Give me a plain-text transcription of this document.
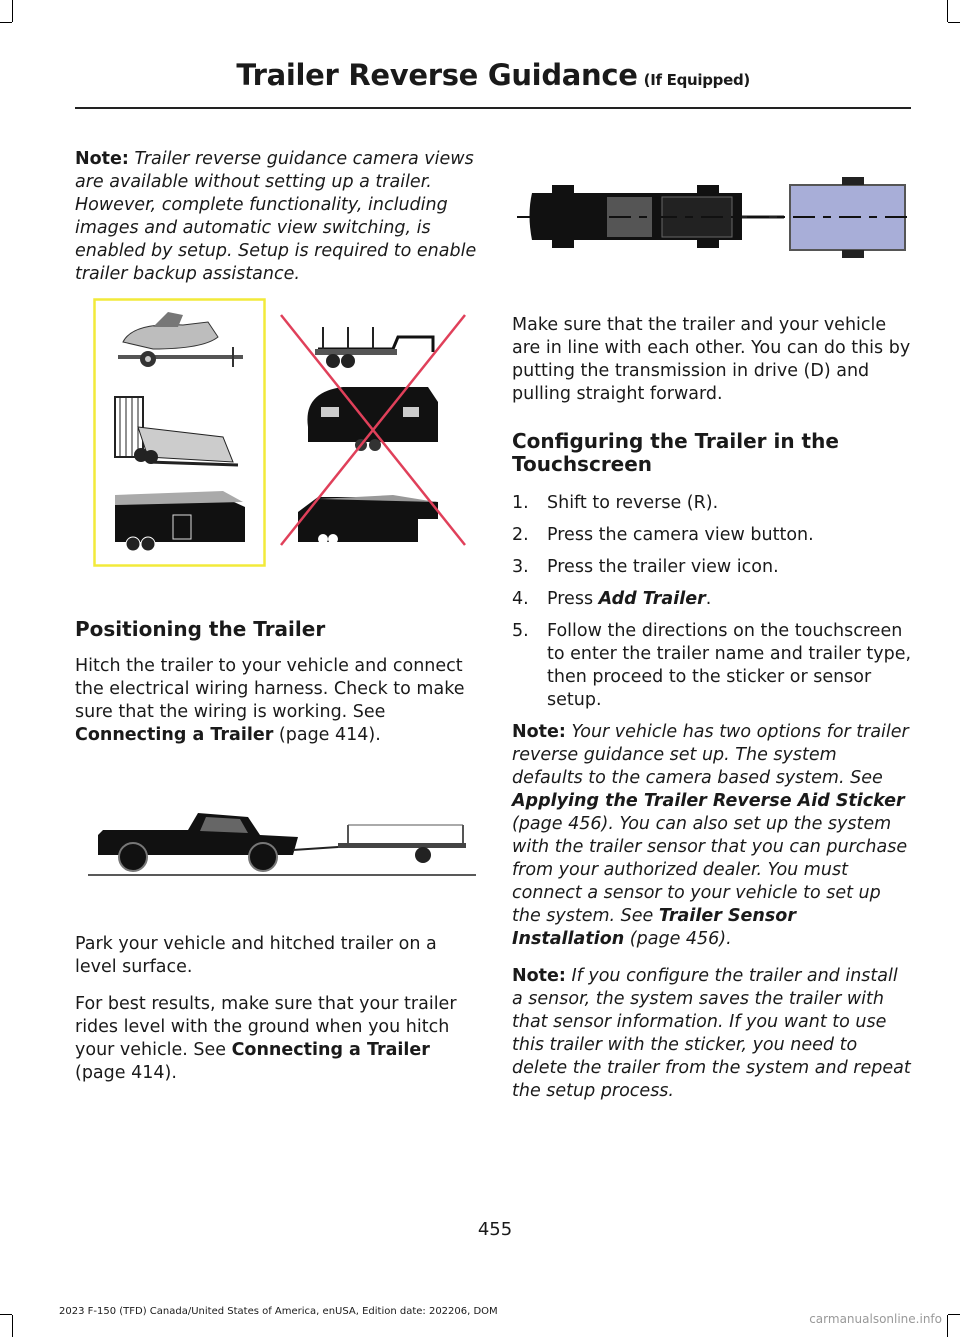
Trailer Reverse Guidance (If Equipped)

Note: Trailer reverse guidance camera views are available without setting up a trailer. However, complete functionality, including images and automatic view switching, is enabled by setup. Setup is required to enable trailer backup assistance.

Positioning the Trailer

Hitch the trailer to your vehicle and connect the electrical wiring harness. Check to make sure that the wiring is working. See Connecting a Trailer (page 414).

Park your vehicle and hitched trailer on a level surface.

For best results, make sure that your trailer rides level with the ground when you hitch your vehicle. See Connecting a Trailer (page 414).

Make sure that the trailer and your vehicle are in line with each other. You can do this by putting the transmission in drive (D) and pulling straight forward.

Configuring the Trailer in the Touchscreen
1. Shift to reverse (R).
2. Press the camera view button.
3. Press the trailer view icon.
4. Press Add Trailer.
5. Follow the directions on the touchscreen to enter the trailer name and trailer type, then proceed to the sticker or sensor setup.

Note: Your vehicle has two options for trailer reverse guidance set up. The system defaults to the camera based system. See Applying the Trailer Reverse Aid Sticker (page 456). You can also set up the system with the trailer sensor that you can purchase from your authorized dealer. You must connect a sensor to your vehicle to set up the system. See Trailer Sensor Installation (page 456).

Note: If you configure the trailer and install a sensor, the system saves the trailer with that sensor information. If you want to use this trailer with the sticker, you need to delete the trailer from the system and repeat the setup process.

455
2023 F-150 (TFD) Canada/United States of America, enUSA, Edition date: 202206, DOM
carmanualsonline.info
